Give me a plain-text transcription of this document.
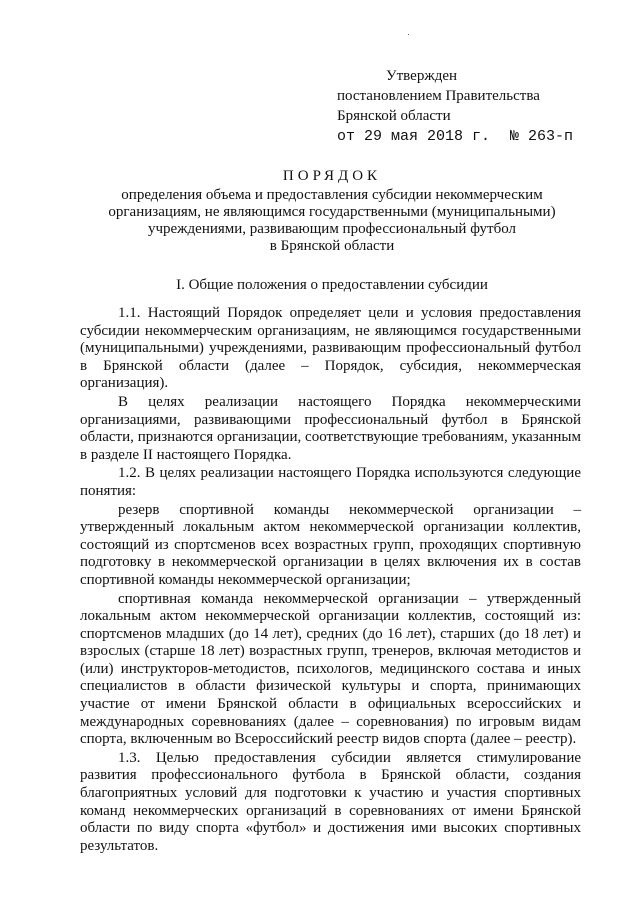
Утвержден
постановлением Правительства
Брянской области
от 29 мая 2018 г. № 263-п
ПОРЯДОК
определения объема и предоставления субсидии некоммерческим
организациям, не являющимся государственными (муниципальными)
учреждениями, развивающим профессиональный футбол
в Брянской области
I. Общие положения о предоставлении субсидии

1.1. Настоящий Порядок определяет цели и условия предоставления субсидии некоммерческим организациям, не являющимся государственными (муниципальными) учреждениями, развивающим профессиональный футбол в Брянской области (далее – Порядок, субсидия, некоммерческая организация).

В целях реализации настоящего Порядка некоммерческими организациями, развивающими профессиональный футбол в Брянской области, признаются организации, соответствующие требованиям, указанным в разделе II настоящего Порядка.

1.2. В целях реализации настоящего Порядка используются следующие понятия:

резерв спортивной команды некоммерческой организации – утвержденный локальным актом некоммерческой организации коллектив, состоящий из спортсменов всех возрастных групп, проходящих спортивную подготовку в некоммерческой организации в целях включения их в состав спортивной команды некоммерческой организации;

спортивная команда некоммерческой организации – утвержденный локальным актом некоммерческой организации коллектив, состоящий из: спортсменов младших (до 14 лет), средних (до 16 лет), старших (до 18 лет) и взрослых (старше 18 лет) возрастных групп, тренеров, включая методистов и (или) инструкторов-методистов, психологов, медицинского состава и иных специалистов в области физической культуры и спорта, принимающих участие от имени Брянской области в официальных всероссийских и международных соревнованиях (далее – соревнования) по игровым видам спорта, включенным во Всероссийский реестр видов спорта (далее – реестр).

1.3. Целью предоставления субсидии является стимулирование развития профессионального футбола в Брянской области, создания благоприятных условий для подготовки к участию и участия спортивных команд некоммерческих организаций в соревнованиях от имени Брянской области по виду спорта «футбол» и достижения ими высоких спортивных результатов.
